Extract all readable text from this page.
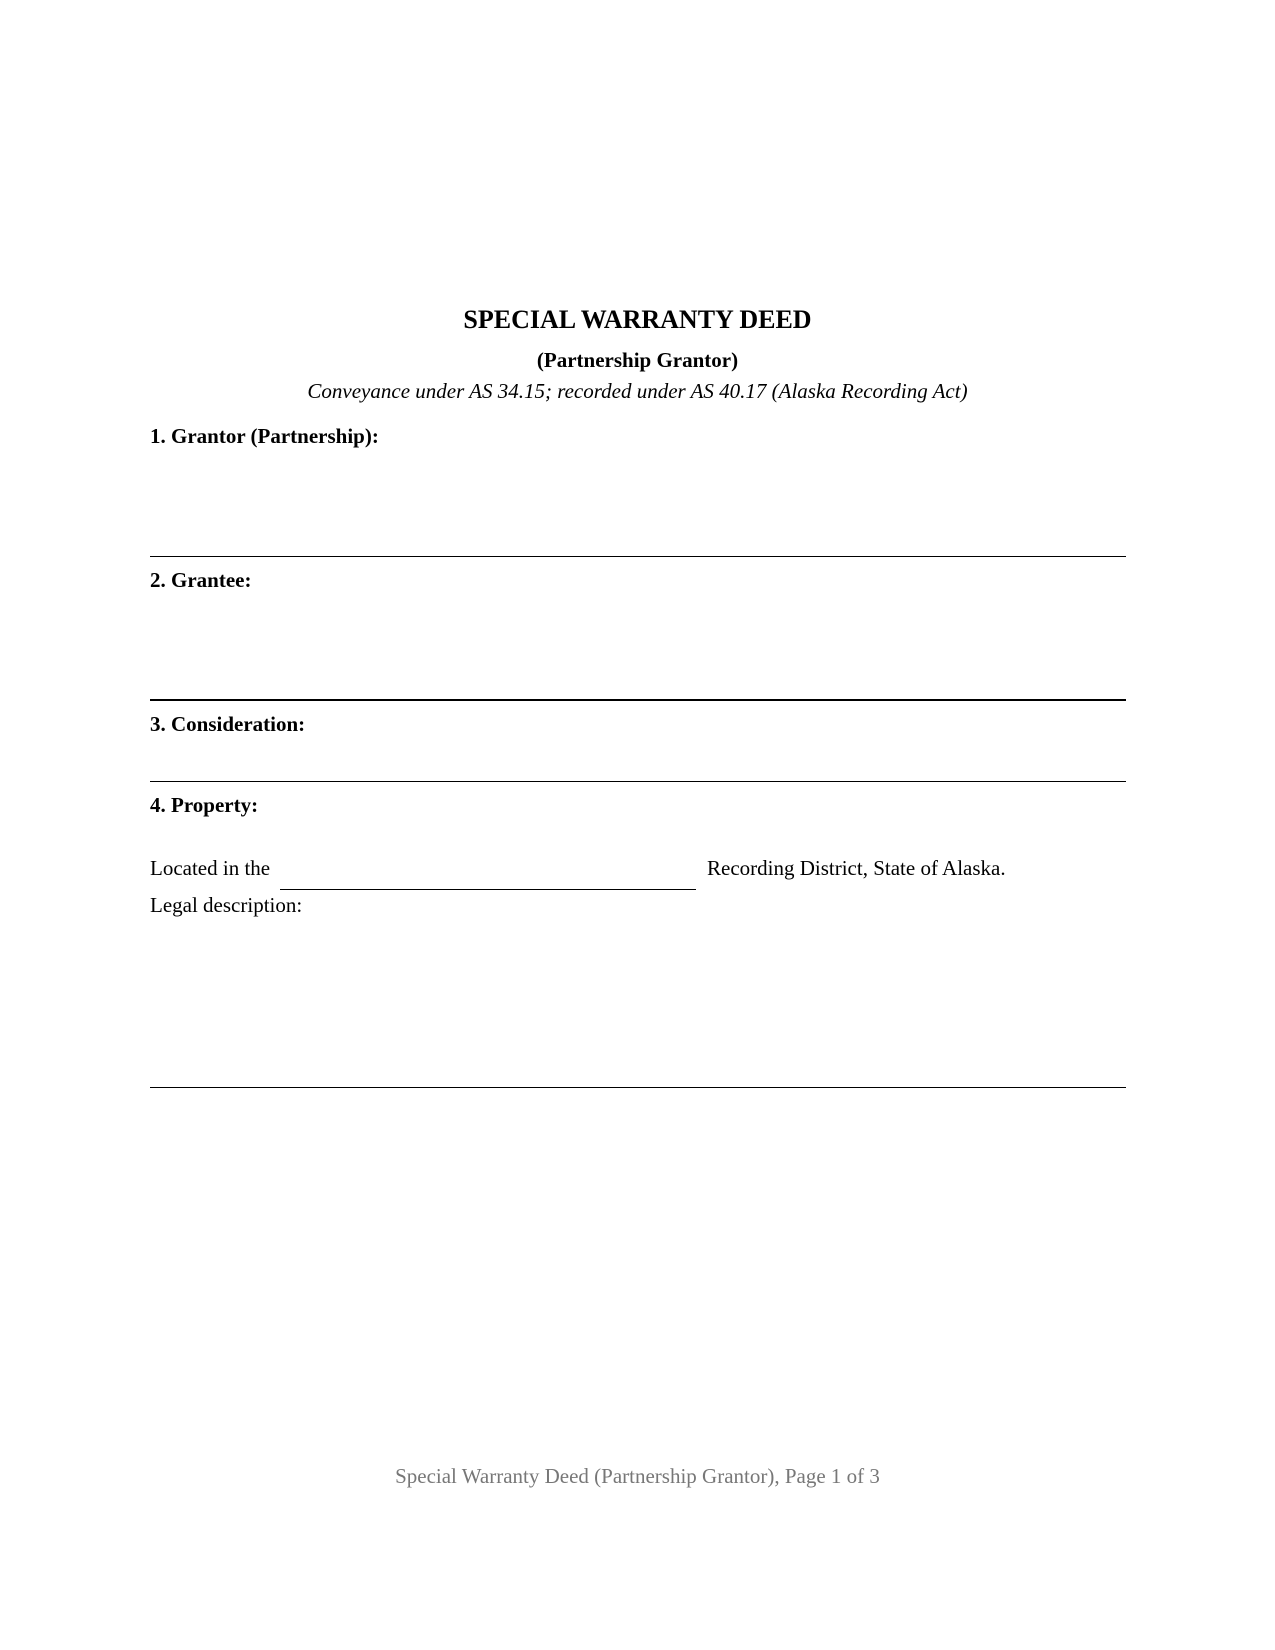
SPECIAL WARRANTY DEED
(Partnership Grantor)
Conveyance under AS 34.15; recorded under AS 40.17 (Alaska Recording Act)
1. Grantor (Partnership):
2. Grantee:
3. Consideration:
4. Property:
Located in the	Recording District, State of Alaska.
Legal description:
Special Warranty Deed (Partnership Grantor), Page 1 of 3
